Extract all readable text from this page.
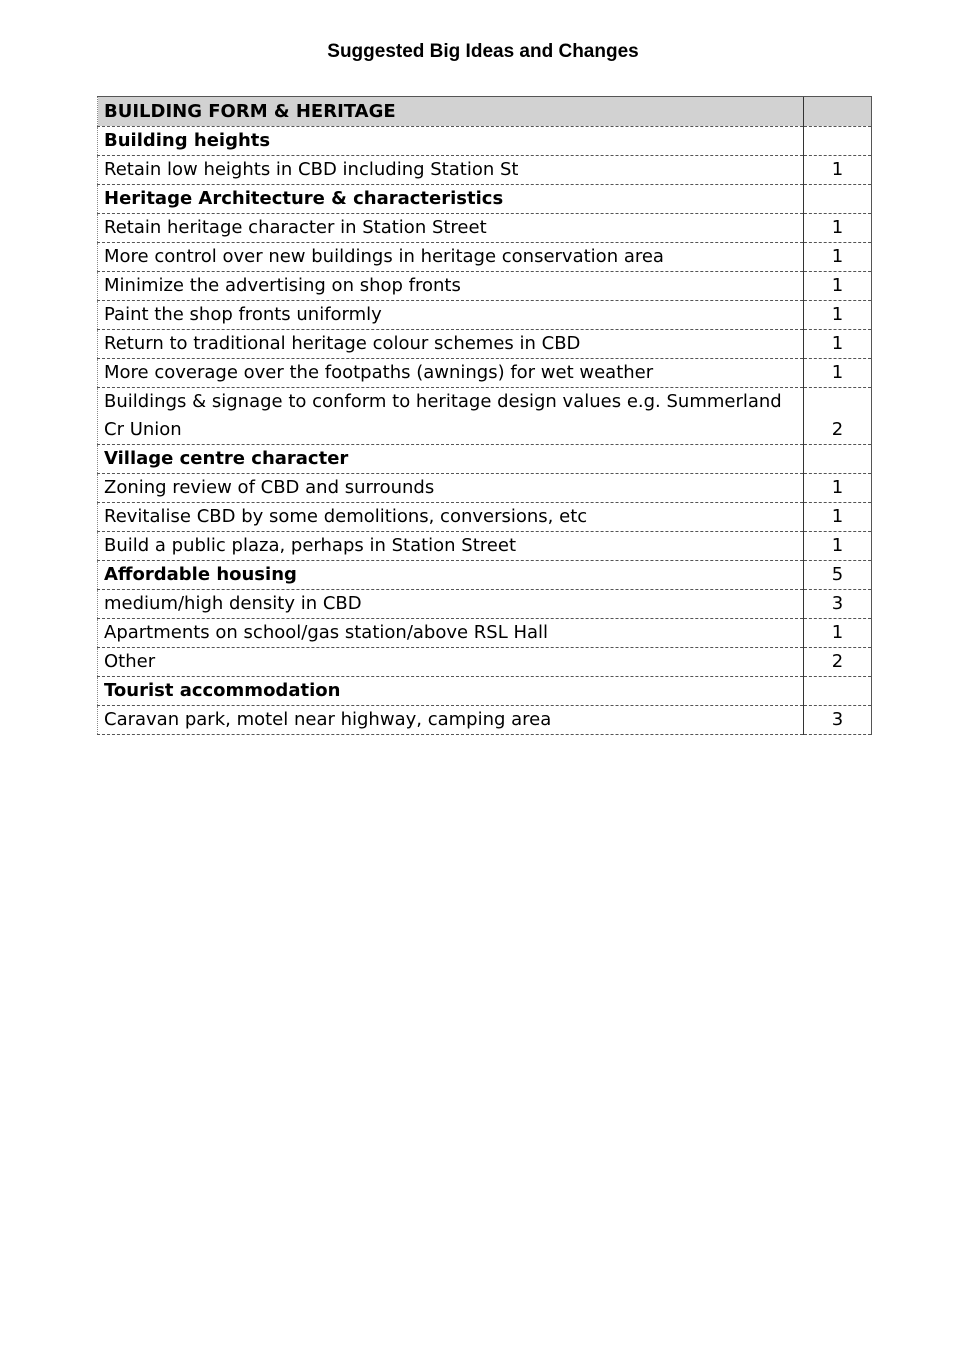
Suggested Big Ideas and Changes
BUILDING FORM & HERITAGE	
Building heights	
Retain low heights in CBD including Station St	1
Heritage Architecture & characteristics	
Retain heritage character in Station Street	1
More control over new buildings in heritage conservation area	1
Minimize the advertising on shop fronts	1
Paint the shop fronts uniformly	1
Return to traditional heritage colour schemes in CBD	1
More coverage over the footpaths (awnings) for wet weather	1
Buildings & signage to conform to heritage design values e.g. Summerland Cr Union	2
Village centre character	
Zoning review of CBD and surrounds	1
Revitalise CBD by some demolitions, conversions, etc	1
Build a public plaza, perhaps in Station Street	1
Affordable housing	5
medium/high density in CBD	3
Apartments on school/gas station/above RSL Hall	1
Other	2
Tourist accommodation	
Caravan park, motel near highway, camping area	3
